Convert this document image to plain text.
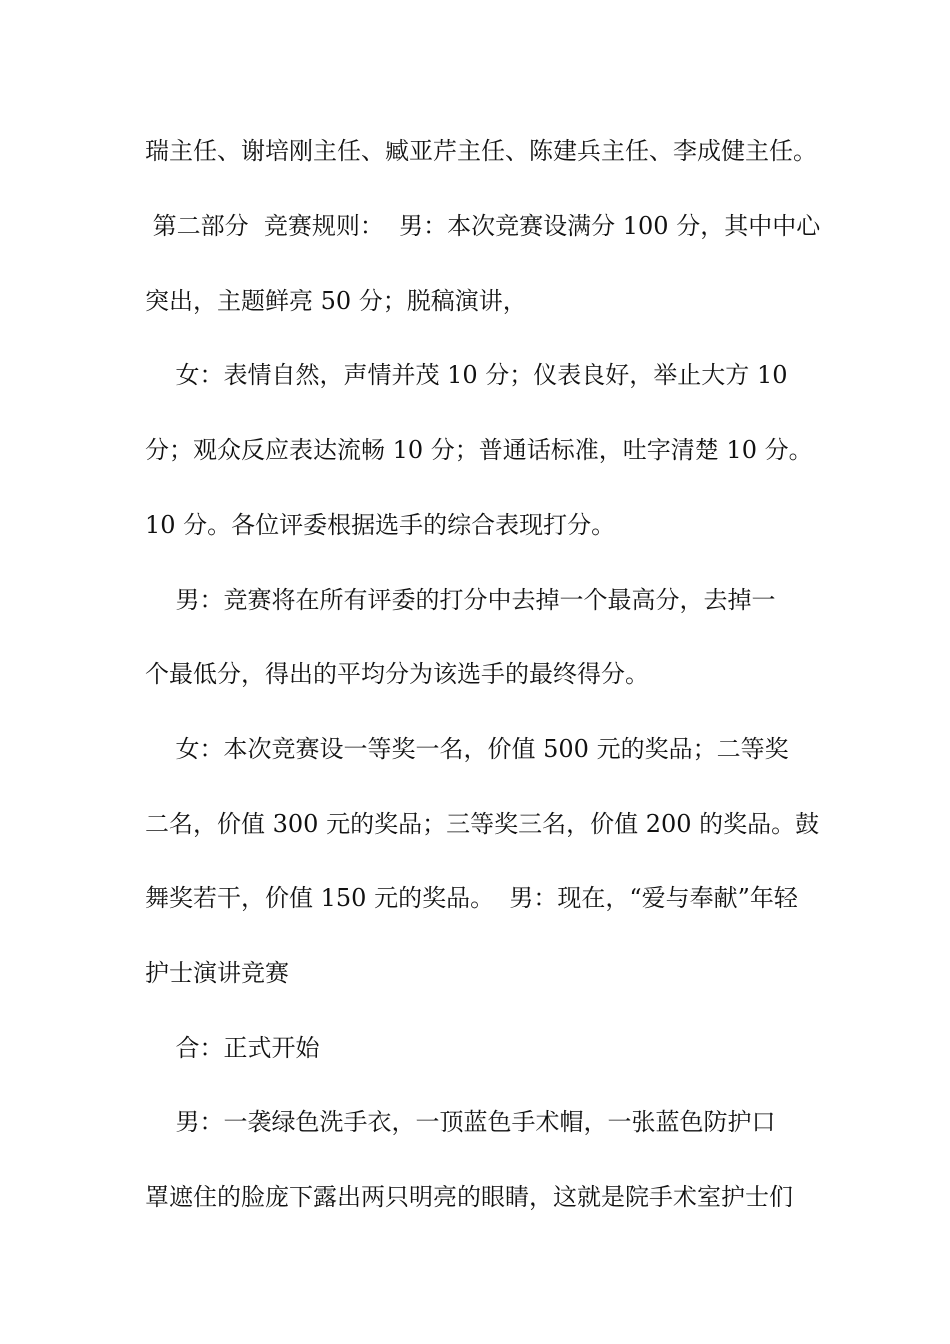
瑞主任、谢培刚主任、臧亚芹主任、陈建兵主任、李成健主任。
第二部分  竞赛规则：  男：本次竞赛设满分 100 分，其中中心
突出，主题鲜亮 50 分；脱稿演讲，
女：表情自然，声情并茂 10 分；仪表良好，举止大方 10
分；观众反应表达流畅 10 分；普通话标准，吐字清楚 10 分。
10 分。各位评委根据选手的综合表现打分。
男：竞赛将在所有评委的打分中去掉一个最高分，去掉一
个最低分，得出的平均分为该选手的最终得分。
女：本次竞赛设一等奖一名，价值 500 元的奖品；二等奖
二名，价值 300 元的奖品；三等奖三名，价值 200 的奖品。鼓
舞奖若干，价值 150 元的奖品。  男：现在，“爱与奉献”年轻
护士演讲竞赛
合：正式开始
男：一袭绿色洗手衣，一顶蓝色手术帽，一张蓝色防护口
罩遮住的脸庞下露出两只明亮的眼睛，这就是院手术室护士们
